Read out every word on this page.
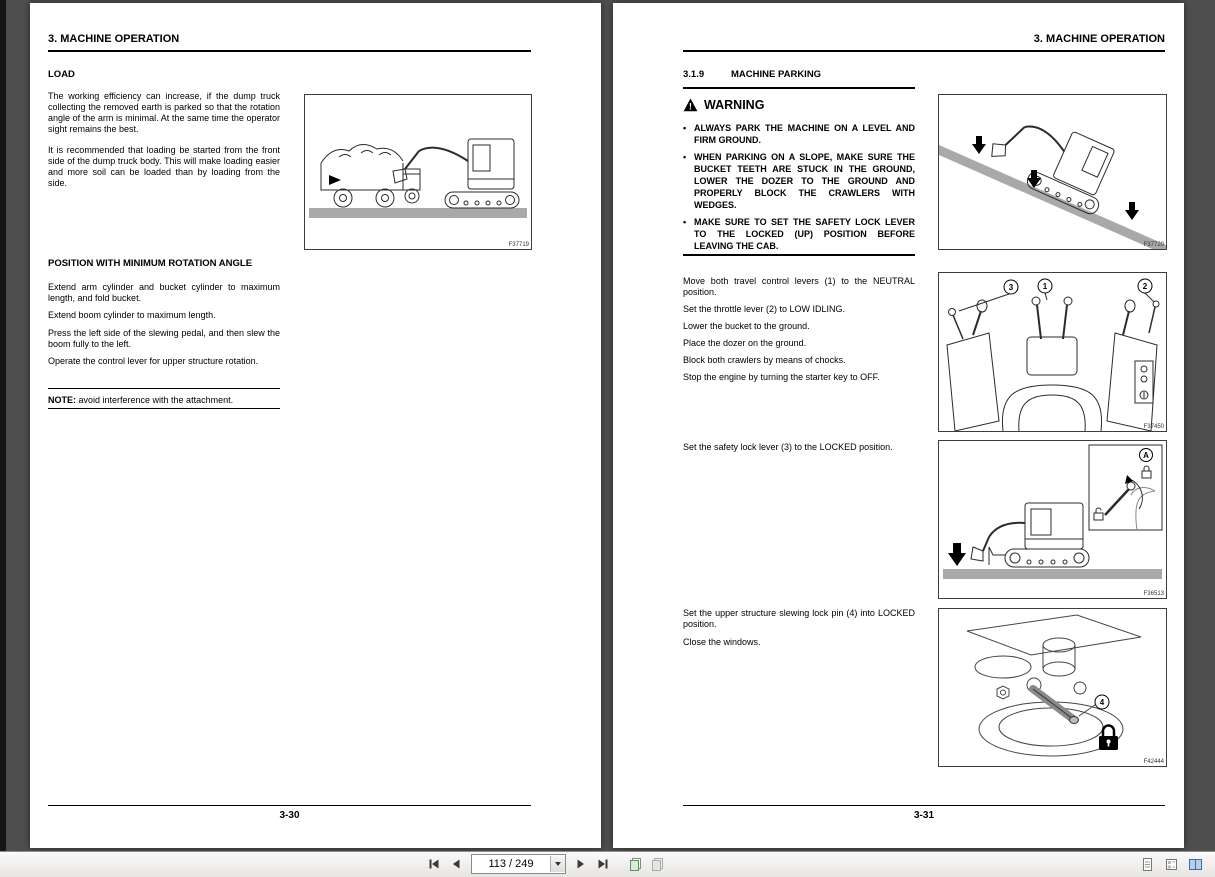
3. MACHINE OPERATION
LOAD

The working efficiency can increase, if the dump truck collecting the removed earth is parked so that the rotation angle of the arm is minimal. At the same time the operator sight remains the best.

It is recommended that loading be started from the front side of the dump truck body. This will make loading easier and more soil can be loaded than by loading from the side.

F37719
POSITION WITH MINIMUM ROTATION ANGLE

Extend arm cylinder and bucket cylinder to maximum length, and fold bucket.

Extend boom cylinder to maximum length.

Press the left side of the slewing pedal, and then slew the boom fully to the left.

Operate the control lever for upper structure rotation.

NOTE: avoid interference with the attachment.

3-30
3. MACHINE OPERATION
3.1.9	MACHINE PARKING
! WARNING
• ALWAYS PARK THE MACHINE ON A LEVEL AND FIRM GROUND.
• WHEN PARKING ON A SLOPE, MAKE SURE THE BUCKET TEETH ARE STUCK IN THE GROUND, LOWER THE DOZER TO THE GROUND AND PROPERLY BLOCK THE CRAWLERS WITH WEDGES.
• MAKE SURE TO SET THE SAFETY LOCK LEVER TO THE LOCKED (UP) POSITION BEFORE LEAVING THE CAB.	F37720

Move both travel control levers (1) to the NEUTRAL position.

Set the throttle lever (2) to LOW IDLING.

Lower the bucket to the ground.

Place the dozer on the ground.

Block both crawlers by means of chocks.

Stop the engine by turning the starter key to OFF.

3	1	2
F37450

Set the safety lock lever (3) to the LOCKED position.

A
F36513

Set the upper structure slewing lock pin (4) into LOCKED position.

Close the windows.

4
F42444
3-31
113 / 249
